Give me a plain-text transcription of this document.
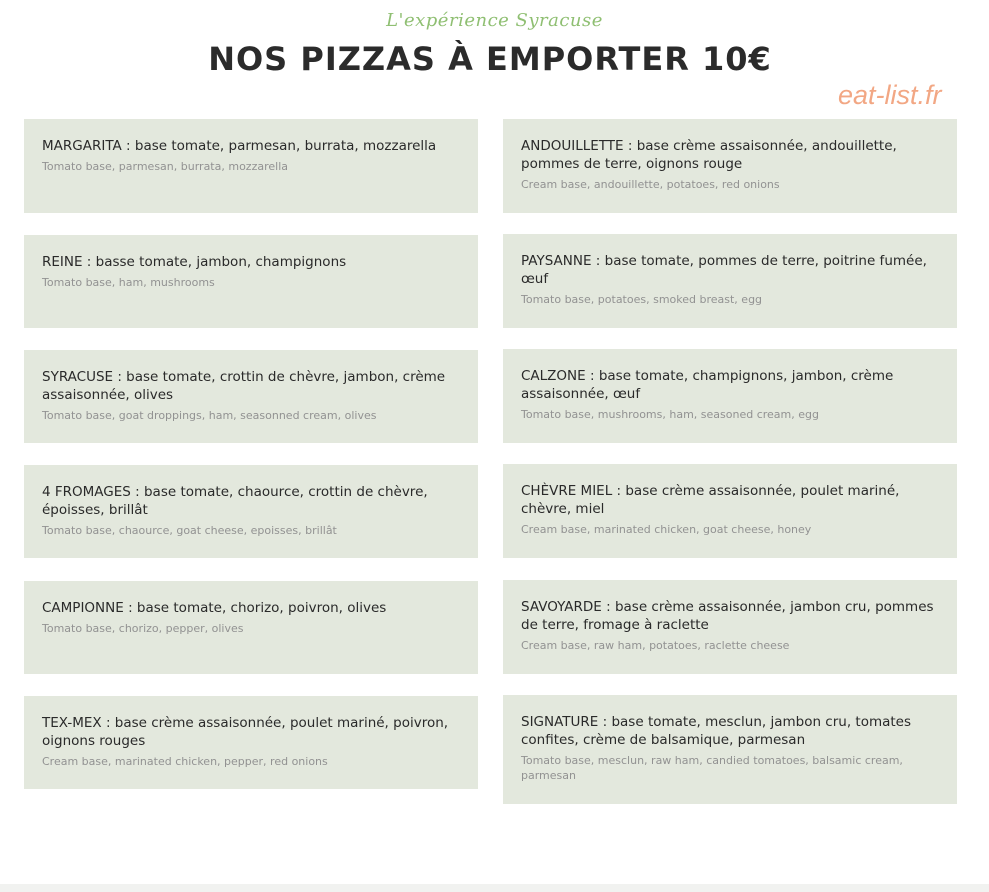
L'expérience Syracuse
NOS PIZZAS À EMPORTER 10€
eat-list.fr
MARGARITA : base tomate, parmesan, burrata, mozzarella
Tomato base, parmesan, burrata, mozzarella
REINE : basse tomate, jambon, champignons
Tomato base, ham, mushrooms
SYRACUSE : base tomate, crottin de chèvre, jambon, crème assaisonnée, olives
Tomato base, goat droppings, ham, seasonned cream, olives
4 FROMAGES : base tomate, chaource, crottin de chèvre, époisses, brillât
Tomato base, chaource, goat cheese, epoisses, brillât
CAMPIONNE : base tomate, chorizo, poivron, olives
Tomato base, chorizo, pepper, olives
TEX-MEX : base crème assaisonnée, poulet mariné, poivron, oignons rouges
Cream base, marinated chicken, pepper, red onions
ANDOUILLETTE : base crème assaisonnée, andouillette, pommes de terre, oignons rouge
Cream base, andouillette, potatoes, red onions
PAYSANNE : base tomate, pommes de terre, poitrine fumée, œuf
Tomato base, potatoes, smoked breast, egg
CALZONE : base tomate, champignons, jambon, crème assaisonnée, œuf
Tomato base, mushrooms, ham, seasoned cream, egg
CHÈVRE MIEL : base crème assaisonnée, poulet mariné, chèvre, miel
Cream base, marinated chicken, goat cheese, honey
SAVOYARDE : base crème assaisonnée, jambon cru, pommes de terre, fromage à raclette
Cream base, raw ham, potatoes, raclette cheese
SIGNATURE : base tomate, mesclun, jambon cru, tomates confites, crème de balsamique, parmesan
Tomato base, mesclun, raw ham, candied tomatoes, balsamic cream, parmesan
